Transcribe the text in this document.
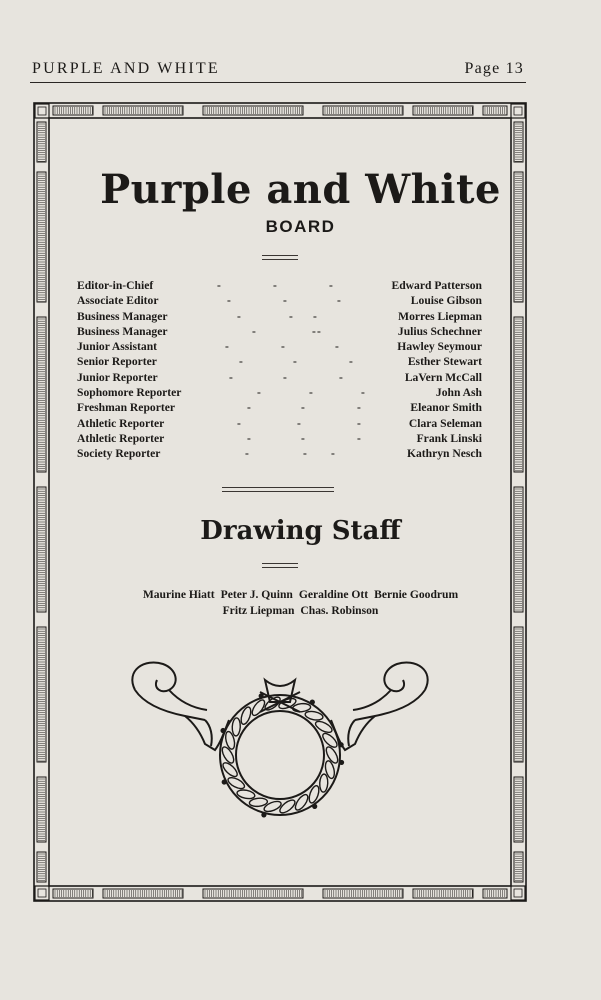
PURPLE AND WHITE	Page 13
Purple and White
BOARD
Editor-in-Chief	-	-	-	Edward Patterson
Associate Editor	-	-	-	Louise Gibson
Business Manager	-	- -	Morres Liepman
Business Manager	-	- -	Julius Schechner
Junior Assistant	-	-	-	Hawley Seymour
Senior Reporter	-	-	-	Esther Stewart
Junior Reporter	-	-	-	LaVern McCall
Sophomore Reporter	-	-	-	John Ash
Freshman Reporter	-	-	-	Eleanor Smith
Athletic Reporter	-	-	-	Clara Seleman
Athletic Reporter	-	-	-	Frank Linski
Society Reporter	-	- -	Kathryn Nesch
Drawing Staff
Maurine Hiatt Peter J. Quinn Geraldine Ott Bernie Goodrum
Fritz Liepman Chas. Robinson
